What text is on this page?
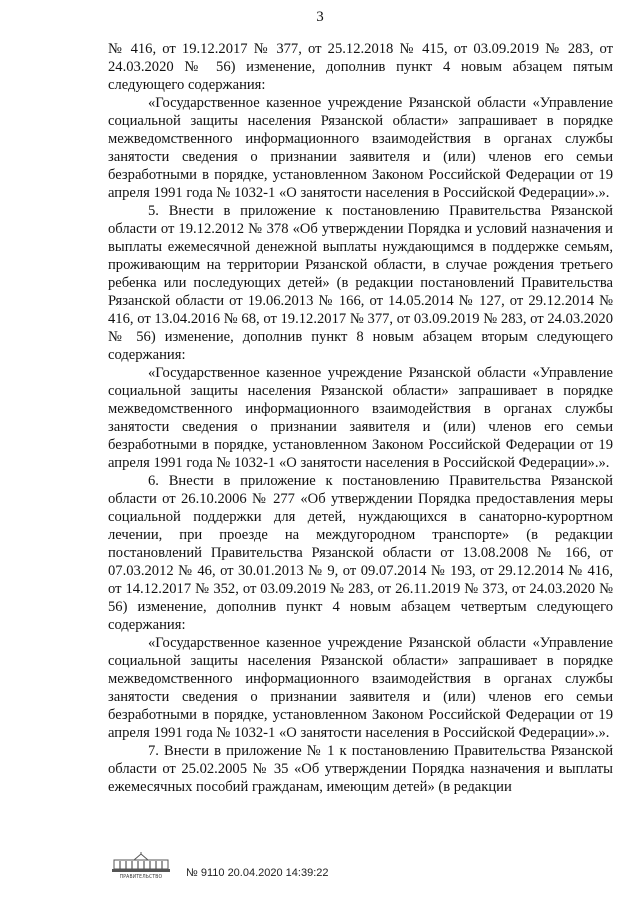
3

№ 416, от 19.12.2017 № 377, от 25.12.2018 № 415, от 03.09.2019 № 283, от 24.03.2020 № 56) изменение, дополнив пункт 4 новым абзацем пятым следующего содержания:

«Государственное казенное учреждение Рязанской области «Управление социальной защиты населения Рязанской области» запрашивает в порядке межведомственного информационного взаимодействия в органах службы занятости сведения о признании заявителя и (или) членов его семьи безработными в порядке, установленном Законом Российской Федерации от 19 апреля 1991 года № 1032-1 «О занятости населения в Российской Федерации».».

5. Внести в приложение к постановлению Правительства Рязанской области от 19.12.2012 № 378 «Об утверждении Порядка и условий назначения и выплаты ежемесячной денежной выплаты нуждающимся в поддержке семьям, проживающим на территории Рязанской области, в случае рождения третьего ребенка или последующих детей» (в редакции постановлений Правительства Рязанской области от 19.06.2013 № 166, от 14.05.2014 № 127, от 29.12.2014 № 416, от 13.04.2016 № 68, от 19.12.2017 № 377, от 03.09.2019 № 283, от 24.03.2020 № 56) изменение, дополнив пункт 8 новым абзацем вторым следующего содержания:

«Государственное казенное учреждение Рязанской области «Управление социальной защиты населения Рязанской области» запрашивает в порядке межведомственного информационного взаимодействия в органах службы занятости сведения о признании заявителя и (или) членов его семьи безработными в порядке, установленном Законом Российской Федерации от 19 апреля 1991 года № 1032-1 «О занятости населения в Российской Федерации».».

6. Внести в приложение к постановлению Правительства Рязанской области от 26.10.2006 № 277 «Об утверждении Порядка предоставления меры социальной поддержки для детей, нуждающихся в санаторно-курортном лечении, при проезде на междугородном транспорте» (в редакции постановлений Правительства Рязанской области от 13.08.2008 № 166, от 07.03.2012 № 46, от 30.01.2013 № 9, от 09.07.2014 № 193, от 29.12.2014 № 416, от 14.12.2017 № 352, от 03.09.2019 № 283, от 26.11.2019 № 373, от 24.03.2020 № 56) изменение, дополнив пункт 4 новым абзацем четвертым следующего содержания:

«Государственное казенное учреждение Рязанской области «Управление социальной защиты населения Рязанской области» запрашивает в порядке межведомственного информационного взаимодействия в органах службы занятости сведения о признании заявителя и (или) членов его семьи безработными в порядке, установленном Законом Российской Федерации от 19 апреля 1991 года № 1032-1 «О занятости населения в Российской Федерации».».

7. Внести в приложение № 1 к постановлению Правительства Рязанской области от 25.02.2005 № 35 «Об утверждении Порядка назначения и выплаты ежемесячных пособий гражданам, имеющим детей» (в редакции

ПРАВИТЕЛЬСТВО	№ 9110 20.04.2020 14:39:22
